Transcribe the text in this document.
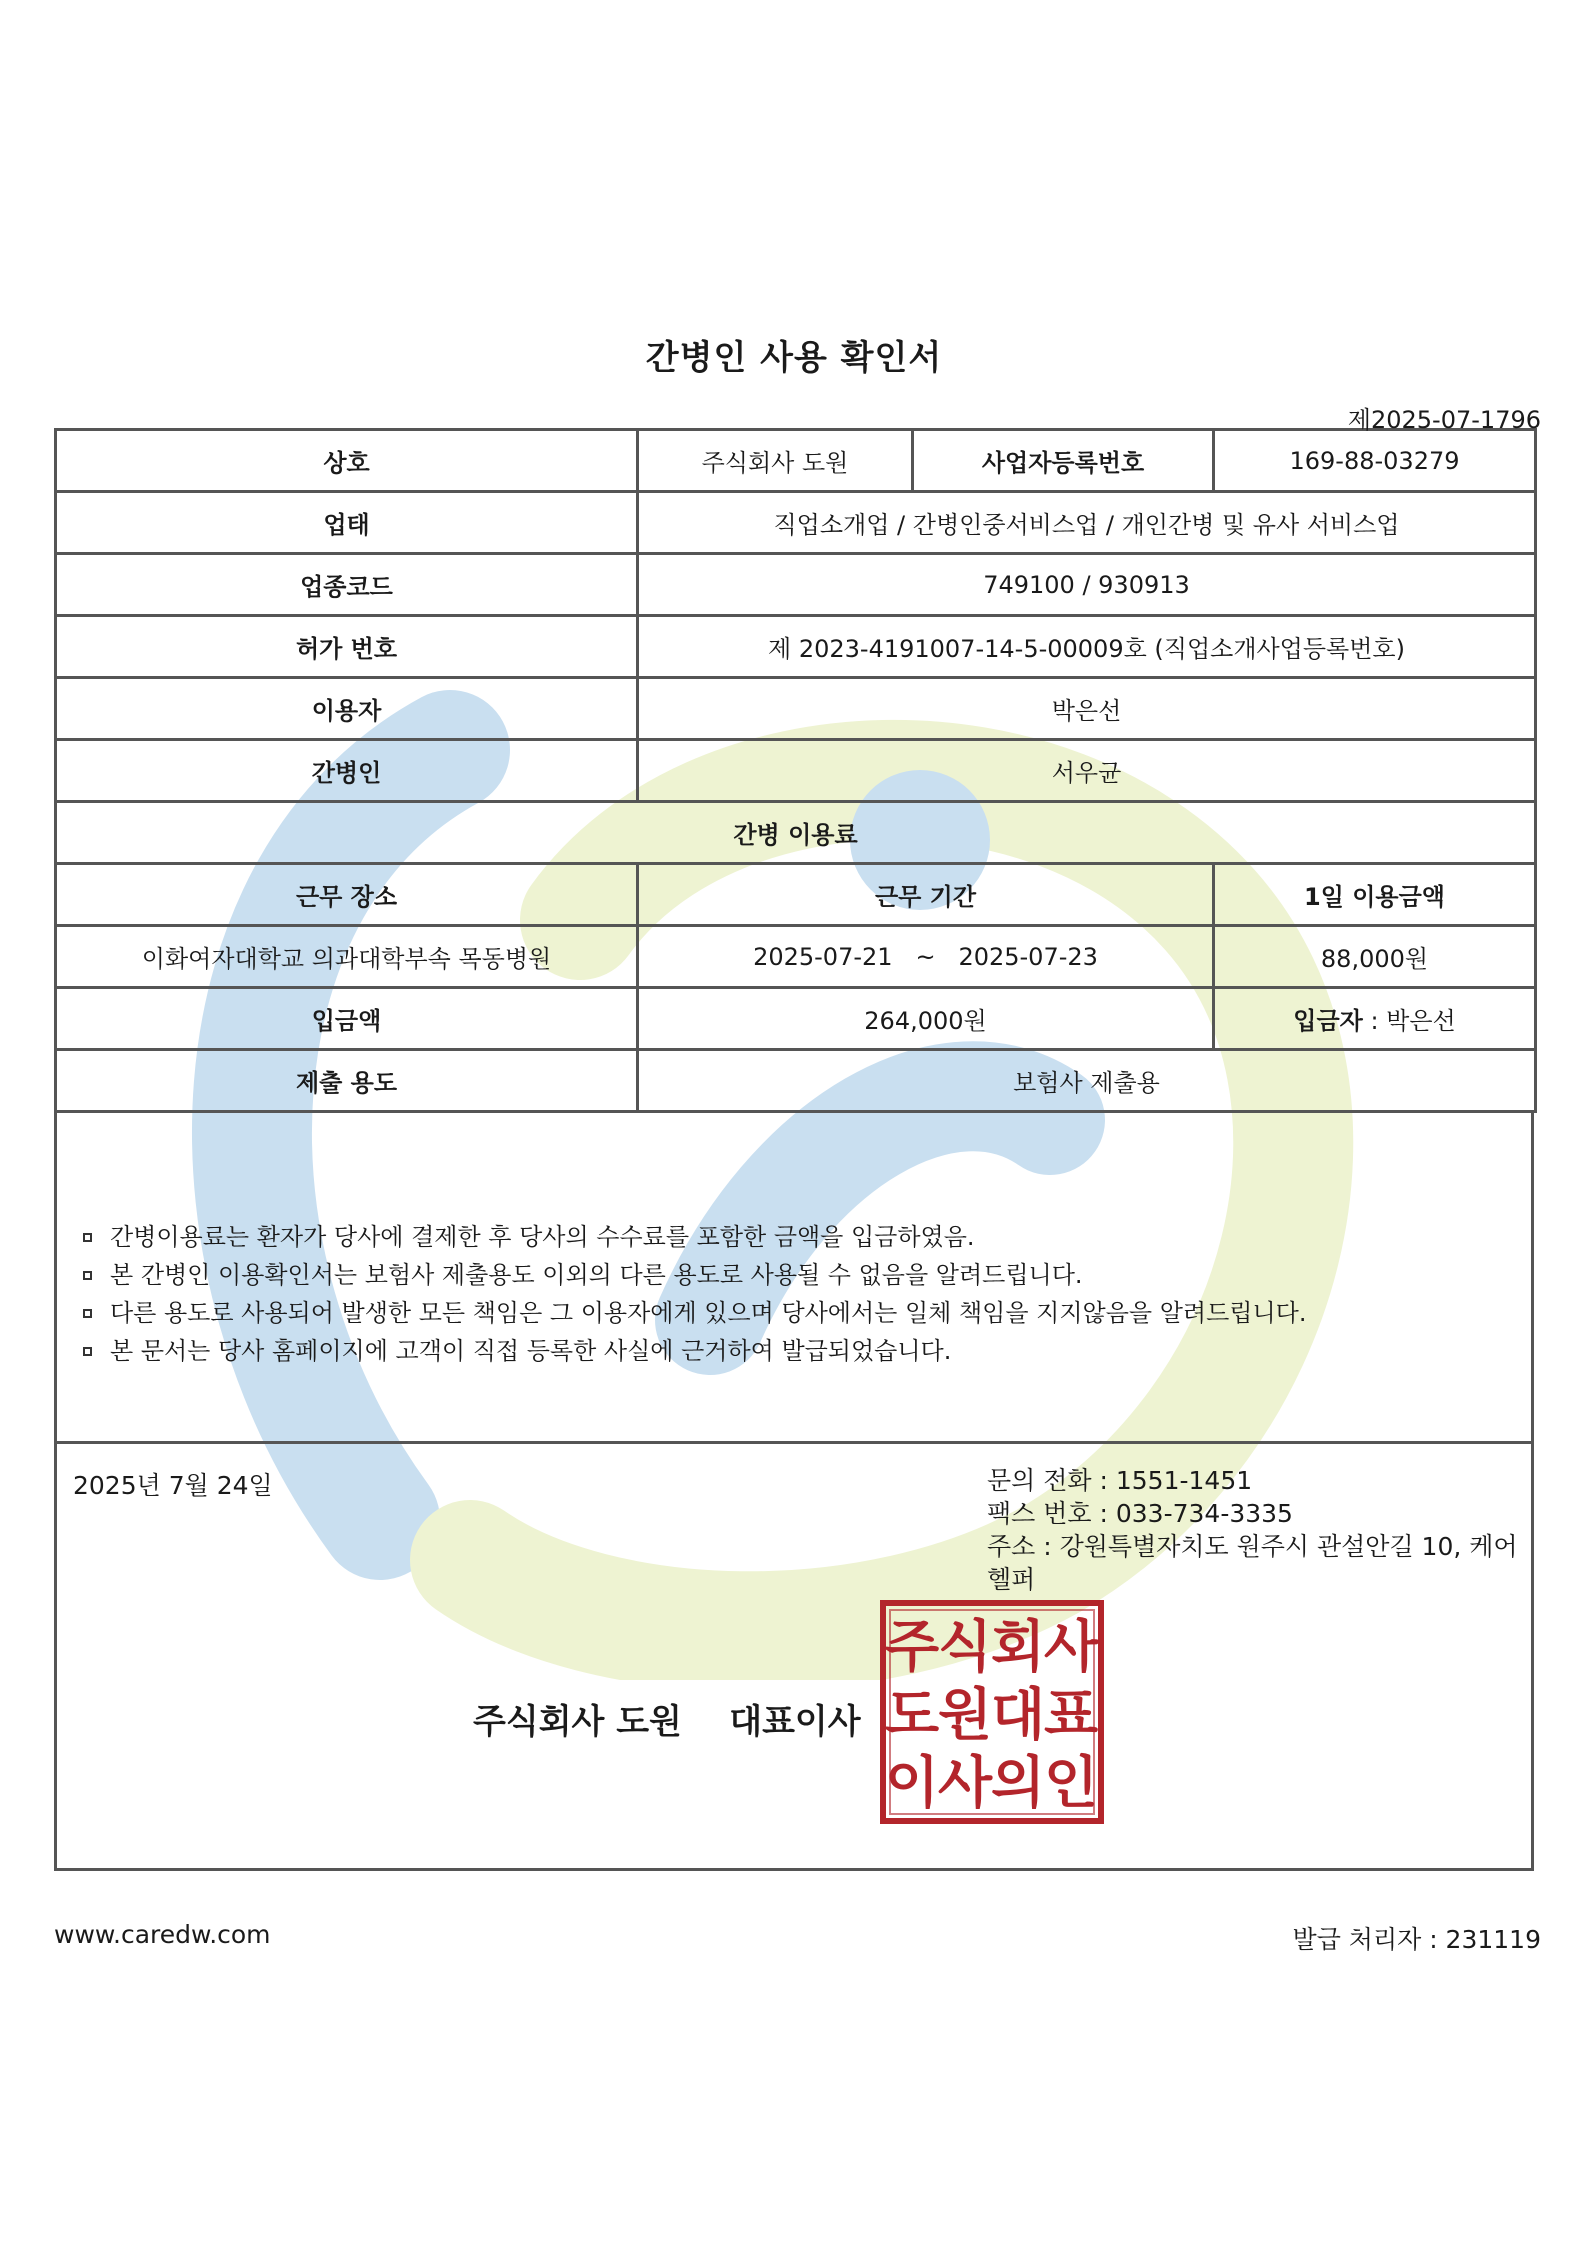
간병인 사용 확인서
제2025-07-1796
상호	주식회사 도원	사업자등록번호	169-88-03279
업태	직업소개업 / 간병인중서비스업 / 개인간병 및 유사 서비스업		
업종코드	749100 / 930913		
허가 번호	제 2023-4191007-14-5-00009호 (직업소개사업등록번호)		
이용자	박은선		
간병인	서우균		
간병 이용료			
근무 장소	근무 기간		1일 이용금액
이화여자대학교 의과대학부속 목동병원	2025-07-21 ~ 2025-07-23		88,000원
입금액	264,000원		입금자 : 박은선
제출 용도	보험사 제출용		
간병이용료는 환자가 당사에 결제한 후 당사의 수수료를 포함한 금액을 입금하였음.
본 간병인 이용확인서는 보험사 제출용도 이외의 다른 용도로 사용될 수 없음을 알려드립니다.
다른 용도로 사용되어 발생한 모든 책임은 그 이용자에게 있으며 당사에서는 일체 책임을 지지않음을 알려드립니다.
본 문서는 당사 홈페이지에 고객이 직접 등록한 사실에 근거하여 발급되었습니다.
2025년 7월 24일	문의 전화 : 1551-1451
팩스 번호 : 033-734-3335
주소 : 강원특별자치도 원주시 관설안길 10, 케어헬퍼
주식회사 도원    대표이사
주
식
회
사
도
원
대
표
이
사
의
인
www.caredw.com	발급 처리자 : 231119
